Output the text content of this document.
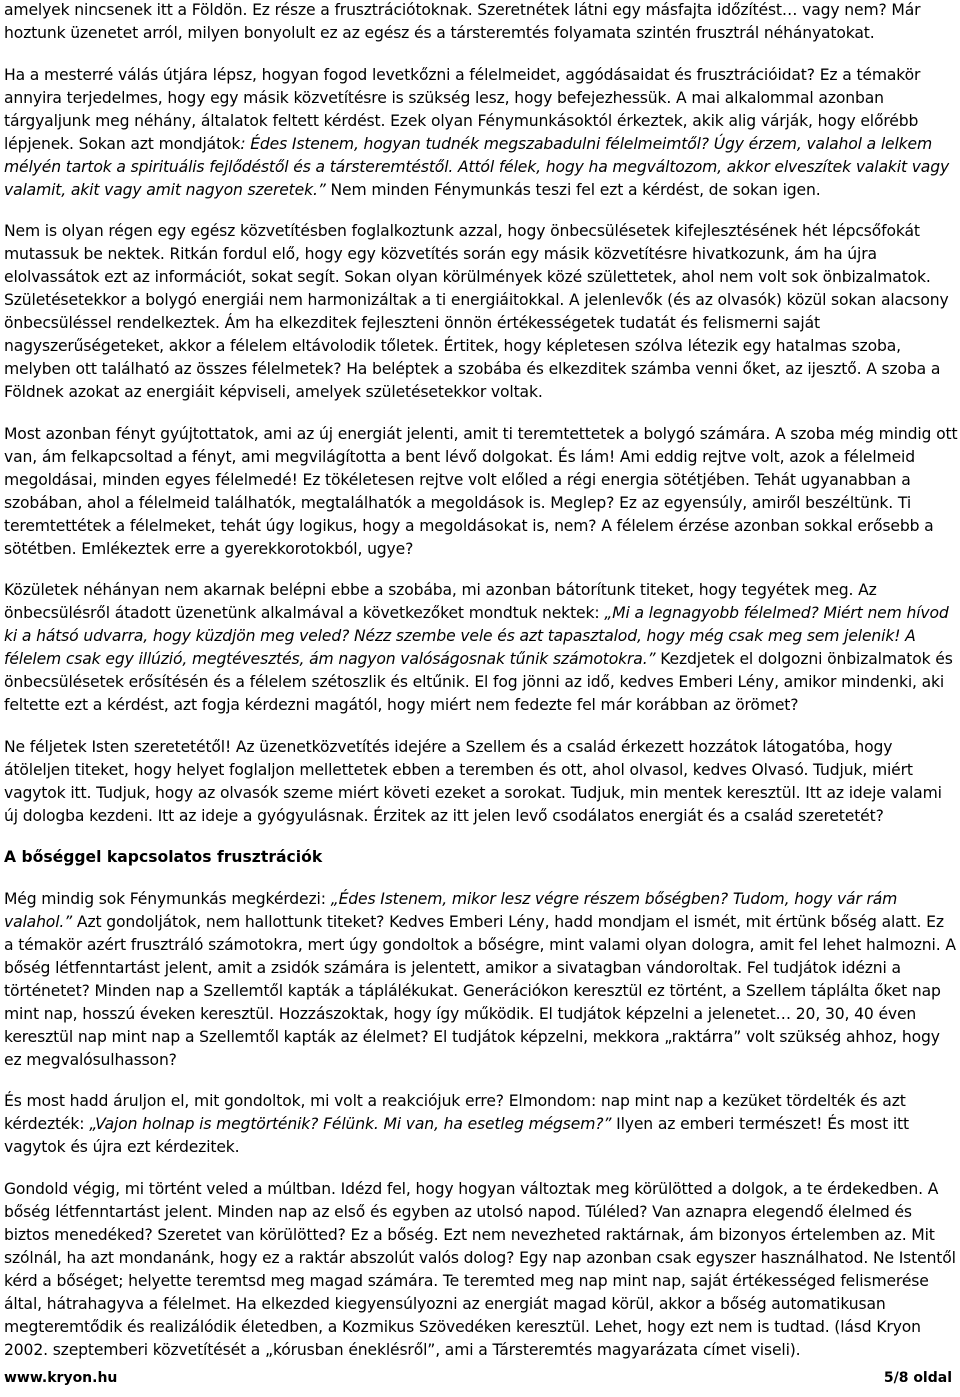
amelyek nincsenek itt a Földön. Ez része a frusztrációtoknak. Szeretnétek látni egy másfajta időzítést… vagy nem? Már hoztunk üzenetet arról, milyen bonyolult ez az egész és a társteremtés folyamata szintén frusztrál néhányatokat.

Ha a mesterré válás útjára lépsz, hogyan fogod levetkőzni a félelmeidet, aggódásaidat és frusztrációidat? Ez a témakör annyira terjedelmes, hogy egy másik közvetítésre is szükség lesz, hogy befejezhessük. A mai alkalommal azonban tárgyaljunk meg néhány, általatok feltett kérdést. Ezek olyan Fénymunkásoktól érkeztek, akik alig várják, hogy előrébb lépjenek. Sokan azt mondjátok: Édes Istenem, hogyan tudnék megszabadulni félelmeimtől? Úgy érzem, valahol a lelkem mélyén tartok a spirituális fejlődéstől és a társteremtéstől. Attól félek, hogy ha megváltozom, akkor elveszítek valakit vagy valamit, akit vagy amit nagyon szeretek.” Nem minden Fénymunkás teszi fel ezt a kérdést, de sokan igen.

Nem is olyan régen egy egész közvetítésben foglalkoztunk azzal, hogy önbecsülésetek kifejlesztésének hét lépcsőfokát mutassuk be nektek. Ritkán fordul elő, hogy egy közvetítés során egy másik közvetítésre hivatkozunk, ám ha újra elolvassátok ezt az információt, sokat segít. Sokan olyan körülmények közé születtetek, ahol nem volt sok önbizalmatok. Születésetekkor a bolygó energiái nem harmonizáltak a ti energiáitokkal. A jelenlevők (és az olvasók) közül sokan alacsony önbecsüléssel rendelkeztek. Ám ha elkezditek fejleszteni önnön értékességetek tudatát és felismerni saját nagyszerűségeteket, akkor a félelem eltávolodik tőletek. Értitek, hogy képletesen szólva létezik egy hatalmas szoba, melyben ott található az összes félelmetek? Ha beléptek a szobába és elkezditek számba venni őket, az ijesztő. A szoba a Földnek azokat az energiáit képviseli, amelyek születésetekkor voltak.

Most azonban fényt gyújtottatok, ami az új energiát jelenti, amit ti teremtettetek a bolygó számára. A szoba még mindig ott van, ám felkapcsoltad a fényt, ami megvilágította a bent lévő dolgokat. És lám! Ami eddig rejtve volt, azok a félelmeid megoldásai, minden egyes félelmedé! Ez tökéletesen rejtve volt előled a régi energia sötétjében. Tehát ugyanabban a szobában, ahol a félelmeid találhatók, megtalálhatók a megoldások is. Meglep? Ez az egyensúly, amiről beszéltünk. Ti teremtettétek a félelmeket, tehát úgy logikus, hogy a megoldásokat is, nem? A félelem érzése azonban sokkal erősebb a sötétben. Emlékeztek erre a gyerekkorotokból, ugye?

Közületek néhányan nem akarnak belépni ebbe a szobába, mi azonban bátorítunk titeket, hogy tegyétek meg. Az önbecsülésről átadott üzenetünk alkalmával a következőket mondtuk nektek: „Mi a legnagyobb félelmed? Miért nem hívod ki a hátsó udvarra, hogy küzdjön meg veled? Nézz szembe vele és azt tapasztalod, hogy még csak meg sem jelenik! A félelem csak egy illúzió, megtévesztés, ám nagyon valóságosnak tűnik számotokra.” Kezdjetek el dolgozni önbizalmatok és önbecsülésetek erősítésén és a félelem szétoszlik és eltűnik. El fog jönni az idő, kedves Emberi Lény, amikor mindenki, aki feltette ezt a kérdést, azt fogja kérdezni magától, hogy miért nem fedezte fel már korábban az örömet?

Ne féljetek Isten szeretetétől! Az üzenetközvetítés idejére a Szellem és a család érkezett hozzátok látogatóba, hogy átöleljen titeket, hogy helyet foglaljon mellettetek ebben a teremben és ott, ahol olvasol, kedves Olvasó. Tudjuk, miért vagytok itt. Tudjuk, hogy az olvasók szeme miért követi ezeket a sorokat. Tudjuk, min mentek keresztül. Itt az ideje valami új dologba kezdeni. Itt az ideje a gyógyulásnak. Érzitek az itt jelen levő csodálatos energiát és a család szeretetét?

A bőséggel kapcsolatos frusztrációk

Még mindig sok Fénymunkás megkérdezi: „Édes Istenem, mikor lesz végre részem bőségben? Tudom, hogy vár rám valahol.” Azt gondoljátok, nem hallottunk titeket? Kedves Emberi Lény, hadd mondjam el ismét, mit értünk bőség alatt. Ez a témakör azért frusztráló számotokra, mert úgy gondoltok a bőségre, mint valami olyan dologra, amit fel lehet halmozni. A bőség létfenntartást jelent, amit a zsidók számára is jelentett, amikor a sivatagban vándoroltak. Fel tudjátok idézni a történetet? Minden nap a Szellemtől kapták a táplálékukat. Generációkon keresztül ez történt, a Szellem táplálta őket nap mint nap, hosszú éveken keresztül. Hozzászoktak, hogy így működik. El tudjátok képzelni a jelenetet… 20, 30, 40 éven keresztül nap mint nap a Szellemtől kapták az élelmet? El tudjátok képzelni, mekkora „raktárra” volt szükség ahhoz, hogy ez megvalósulhasson?

És most hadd áruljon el, mit gondoltok, mi volt a reakciójuk erre? Elmondom: nap mint nap a kezüket tördelték és azt kérdezték: „Vajon holnap is megtörténik? Félünk. Mi van, ha esetleg mégsem?” Ilyen az emberi természet! És most itt vagytok és újra ezt kérdezitek.

Gondold végig, mi történt veled a múltban. Idézd fel, hogy hogyan változtak meg körülötted a dolgok, a te érdekedben. A bőség létfenntartást jelent. Minden nap az első és egyben az utolsó napod. Túléled? Van aznapra elegendő élelmed és biztos menedéked? Szeretet van körülötted? Ez a bőség. Ezt nem nevezheted raktárnak, ám bizonyos értelemben az. Mit szólnál, ha azt mondanánk, hogy ez a raktár abszolút valós dolog? Egy nap azonban csak egyszer használhatod. Ne Istentől kérd a bőséget; helyette teremtsd meg magad számára. Te teremted meg nap mint nap, saját értékességed felismerése által, hátrahagyva a félelmet. Ha elkezded kiegyensúlyozni az energiát magad körül, akkor a bőség automatikusan megteremtődik és realizálódik életedben, a Kozmikus Szövedéken keresztül. Lehet, hogy ezt nem is tudtad. (lásd Kryon 2002. szeptemberi közvetítését a „kórusban éneklésről”, ami a Társteremtés magyarázata címet viseli).

www.kryon.hu	5/8 oldal
